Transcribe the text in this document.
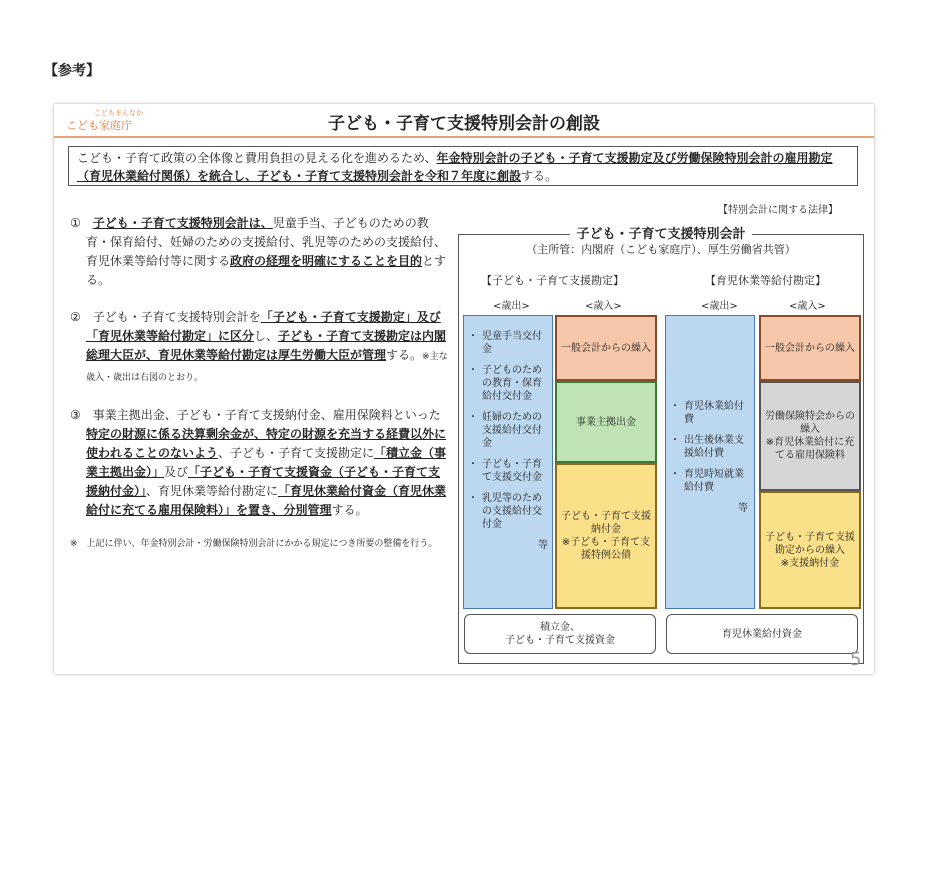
【参考】
こどもまんなか
こども家庭庁	子ども・子育て支援特別会計の創設
こども・子育て政策の全体像と費用負担の見える化を進めるため、年金特別会計の子ども・子育て支援勘定及び労働保険特別会計の雇用勘定（育児休業給付関係）を統合し、子ども・子育て支援特別会計を令和７年度に創設する。
【特別会計に関する法律】

①　 子ども・子育て支援特別会計は、児童手当、子どものための教育・保育給付、妊婦のための支援給付、乳児等のための支援給付、育児休業等給付等に関する政府の経理を明確にすることを目的とする。

②　 子ども・子育て支援特別会計を「子ども・子育て支援勘定」及び「育児休業等給付勘定」に区分し、子ども・子育て支援勘定は内閣総理大臣が、育児休業等給付勘定は厚生労働大臣が管理する。※主な歳入・歳出は右図のとおり。

③　 事業主拠出金、子ども・子育て支援納付金、雇用保険料といった特定の財源に係る決算剰余金が、特定の財源を充当する経費以外に使われることのないよう、子ども・子育て支援勘定に「積立金（事業主拠出金）」及び「子ども・子育て支援資金（子ども・子育て支援納付金）」、育児休業等給付勘定に「育児休業給付資金（育児休業給付に充てる雇用保険料）」を置き、分別管理する。

※　上記に伴い、年金特別会計・労働保険特別会計にかかる規定につき所要の整備を行う。

子ども・子育て支援特別会計
（主所管：内閣府（こども家庭庁）、厚生労働省共管）
【子ども・子育て支援勘定】	【育児休業等給付勘定】
<歳出>	<歳入>	<歳出>	<歳入>
・ 児童手当交付金
・ 子どものための教育・保育給付交付金
・ 妊婦のための支援給付交付金
・ 子ども・子育て支援交付金
・ 乳児等のための支援給付交付金
等
一般会計からの繰入
事業主拠出金
子ども・子育て支援納付金
※子ども・子育て支援特例公債
・ 育児休業給付費
・ 出生後休業支援給付費
・ 育児時短就業給付費
等
一般会計からの繰入
労働保険特会からの繰入
※育児休業給付に充てる雇用保険料
子ども・子育て支援勘定からの繰入
※支援納付金
積立金、
子ども・子育て支援資金
育児休業給付資金
5
